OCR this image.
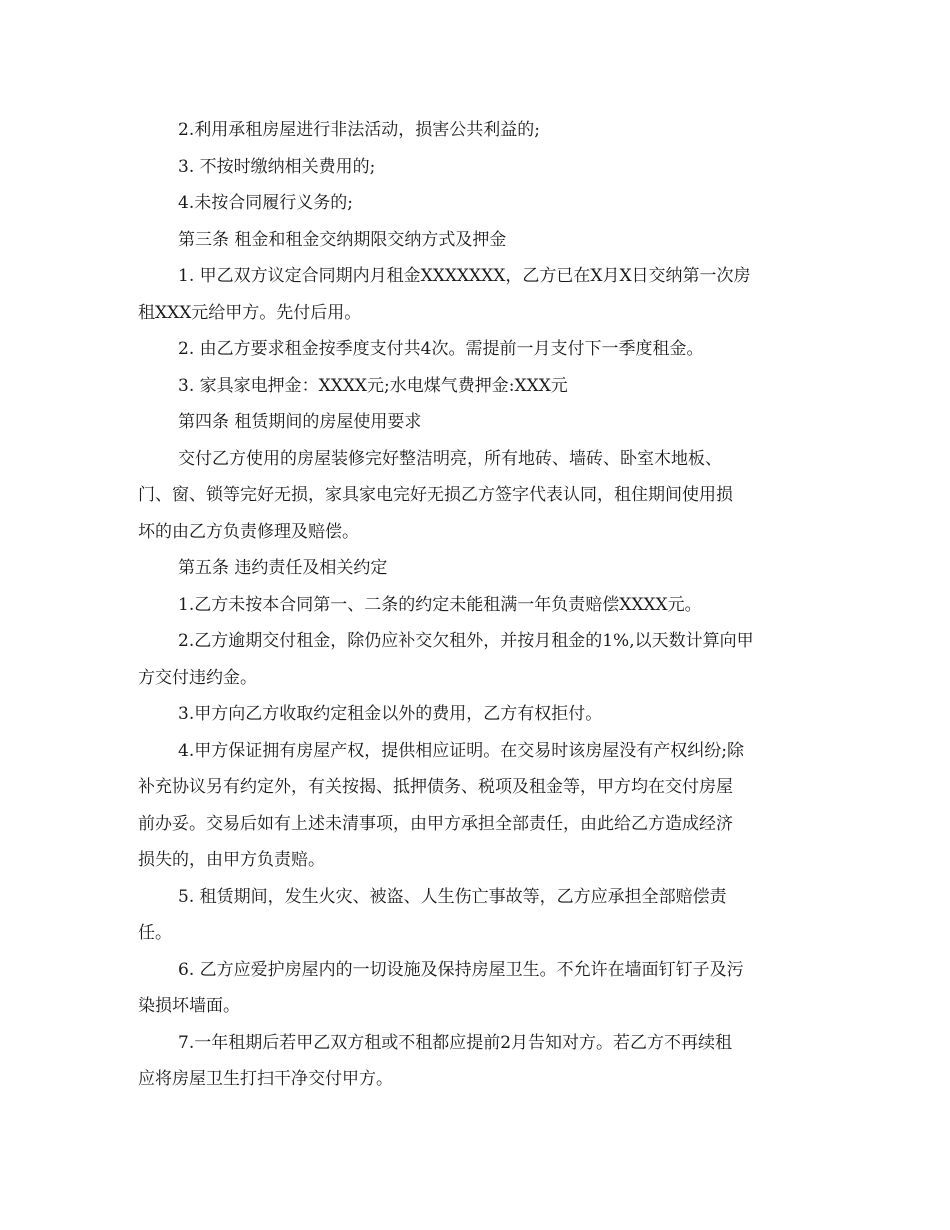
2.利用承租房屋进行非法活动，损害公共利益的;

3. 不按时缴纳相关费用的;

4.未按合同履行义务的;

第三条 租金和租金交纳期限交纳方式及押金

1. 甲乙双方议定合同期内月租金XXXXXXX，乙方已在X月X日交纳第一次房
租XXX元给甲方。先付后用。

2. 由乙方要求租金按季度支付共4次。需提前一月支付下一季度租金。

3. 家具家电押金：XXXX元;水电煤气费押金:XXX元

第四条 租赁期间的房屋使用要求

交付乙方使用的房屋装修完好整洁明亮，所有地砖、墙砖、卧室木地板、
门、窗、锁等完好无损，家具家电完好无损乙方签字代表认同，租住期间使用损
坏的由乙方负责修理及赔偿。

第五条 违约责任及相关约定

1.乙方未按本合同第一、二条的约定未能租满一年负责赔偿XXXX元。

2.乙方逾期交付租金，除仍应补交欠租外，并按月租金的1%,以天数计算向甲
方交付违约金。

3.甲方向乙方收取约定租金以外的费用，乙方有权拒付。

4.甲方保证拥有房屋产权，提供相应证明。在交易时该房屋没有产权纠纷;除
补充协议另有约定外，有关按揭、抵押债务、税项及租金等，甲方均在交付房屋
前办妥。交易后如有上述未清事项，由甲方承担全部责任，由此给乙方造成经济
损失的，由甲方负责赔。

5. 租赁期间，发生火灾、被盗、人生伤亡事故等，乙方应承担全部赔偿责
任。

6. 乙方应爱护房屋内的一切设施及保持房屋卫生。不允许在墙面钉钉子及污
染损坏墙面。

7.一年租期后若甲乙双方租或不租都应提前2月告知对方。若乙方不再续租
应将房屋卫生打扫干净交付甲方。
